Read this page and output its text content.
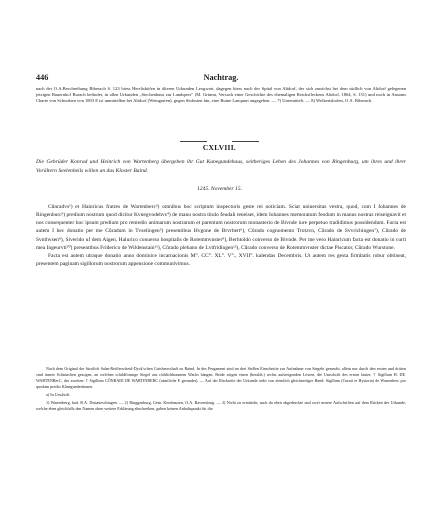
446	Nachtrag.

nach der O.A.Beschreibung Biberach S. 123 hiess Herrlishöfen in älteren Urkunden Leogwart, dagegen hiess nach der Spital von Altdorf, der sich zunächst bei dem südlich von Altdorf gelegenen jetzigen Bauernhof Burach befindet, in allen Urkunden „Siechenhaus zur Landsperr" (M. Grimm, Versuch einer Geschichte des ehemaligen Reichsfleckens Altdorf, 1864, S. 151) und noch in Ansams Charte von Schwaben von 1803 E ist unmittelbar bei Altdorf (Weingarten), gegen Südosten hin, eine Ruine Lanquart angegeben. — 7) Unermittelt. — 8) Wolkertshofen, O.A. Biberach.

CXLVIII.

Die Gebrüder Konrad und Heinrich von Wartenberg übergeben ihr Gut Kunegundehaus, seitheriges Lehen des Johannes von Ringenburg, um ihres und ihrer Vorältern Seelenheils willen an das Kloster Baind.

1245. November 15.

Cůnradvs¹) et Hainricus fratres de Wartenberc²) omnibus hoc scriptum inspecturis geste rei noticiam. Sciat uniuersitas vestra, quod, cum I Iohannes de Ringenburc³) predium nostrum quod dicitur Kvnegvndehvs⁴) de manu nostra titulo feudali teneiset, idem Iohannes memoratum feodum in manus nostras reiseignavit et nos consequenter hoc ipsum predium pro remedio animarum nostrarum et parentum nostrorum monasterio de Bivnde iure perpetuo tradidimus possidendum. Facta est autem I hec donatio per me Cůradum in Tvselingen⁵) presentibus Hvgone de Brvrbert⁶), Cůrado cognomento Trotzvn, Cůrado de Svvrichingen⁷), Cůrado de Svnthvsen⁸), Siverido uf dem Aigen, Halurico conuerso hospitalis de Rotemmvnster⁹), Berhtoldo converso de Bivnde. Per me vero Hainricum facta est donatio in curti mea Ingeurvti¹⁰) presentibus Friderico de Wildenstain¹¹), Cůrado plebano de Lvtfridingen¹²), Cůrado converso de Rotemmvnster dictae Piscator, Cůrado Wurstone.

Facta est autem utraque donatio anno dominice incarnacionis M°. CC°. XL°. V°., XVII°. kalendas Decembris. Ut autem res gesta firmitatis robur obtineat, presentem paginam sigillorum nostrorum appensione communivimus.

Nach dem Original der fürstlich Salm-Reifferscheid-Dyck'schen Gutsherrschaft zu Baind. In des Pergament sind an drei Stellen Einschnitte zur Aufnahme von Siegeln gemacht, allein nur durch den ersten und dritten sind innere Schnürchen gezogen, an welchen schildförmige Siegel aus röthlichbraunem Wachs hängen. Beide zeigen einen (heraldi.) rechts aufsteigenden Löwen, die Umschrift des ersten lautet: † Sigillum H. DE. WARTENBerC, des zweiten: † Sigillum CŌNRADI DE WARTINBERC (sämtliche E gerundet). — Auf der Rückseite der Urkunde steht von ziemlich gleichzeitiger Hand: Sigillum (Curati et Hystoria) de Wartenberc pro quodam predio Kůnegundenhusen.

a) In Urschrift.

1) Wartenberg, bad. B.A. Donaueschingen. — 2) Ringgenburg, Gem. Kernhausen, O.A. Ravensburg. — 2) Nicht zu ermitteln; auch da eben abgedruckte und zwei neuere Aufschriften auf dem Rücken der Urkunde, welche eben gleichfalls den Namen ohne weitere Erklärung abschreiben, gaben keinen Anhaltspunkt für die
